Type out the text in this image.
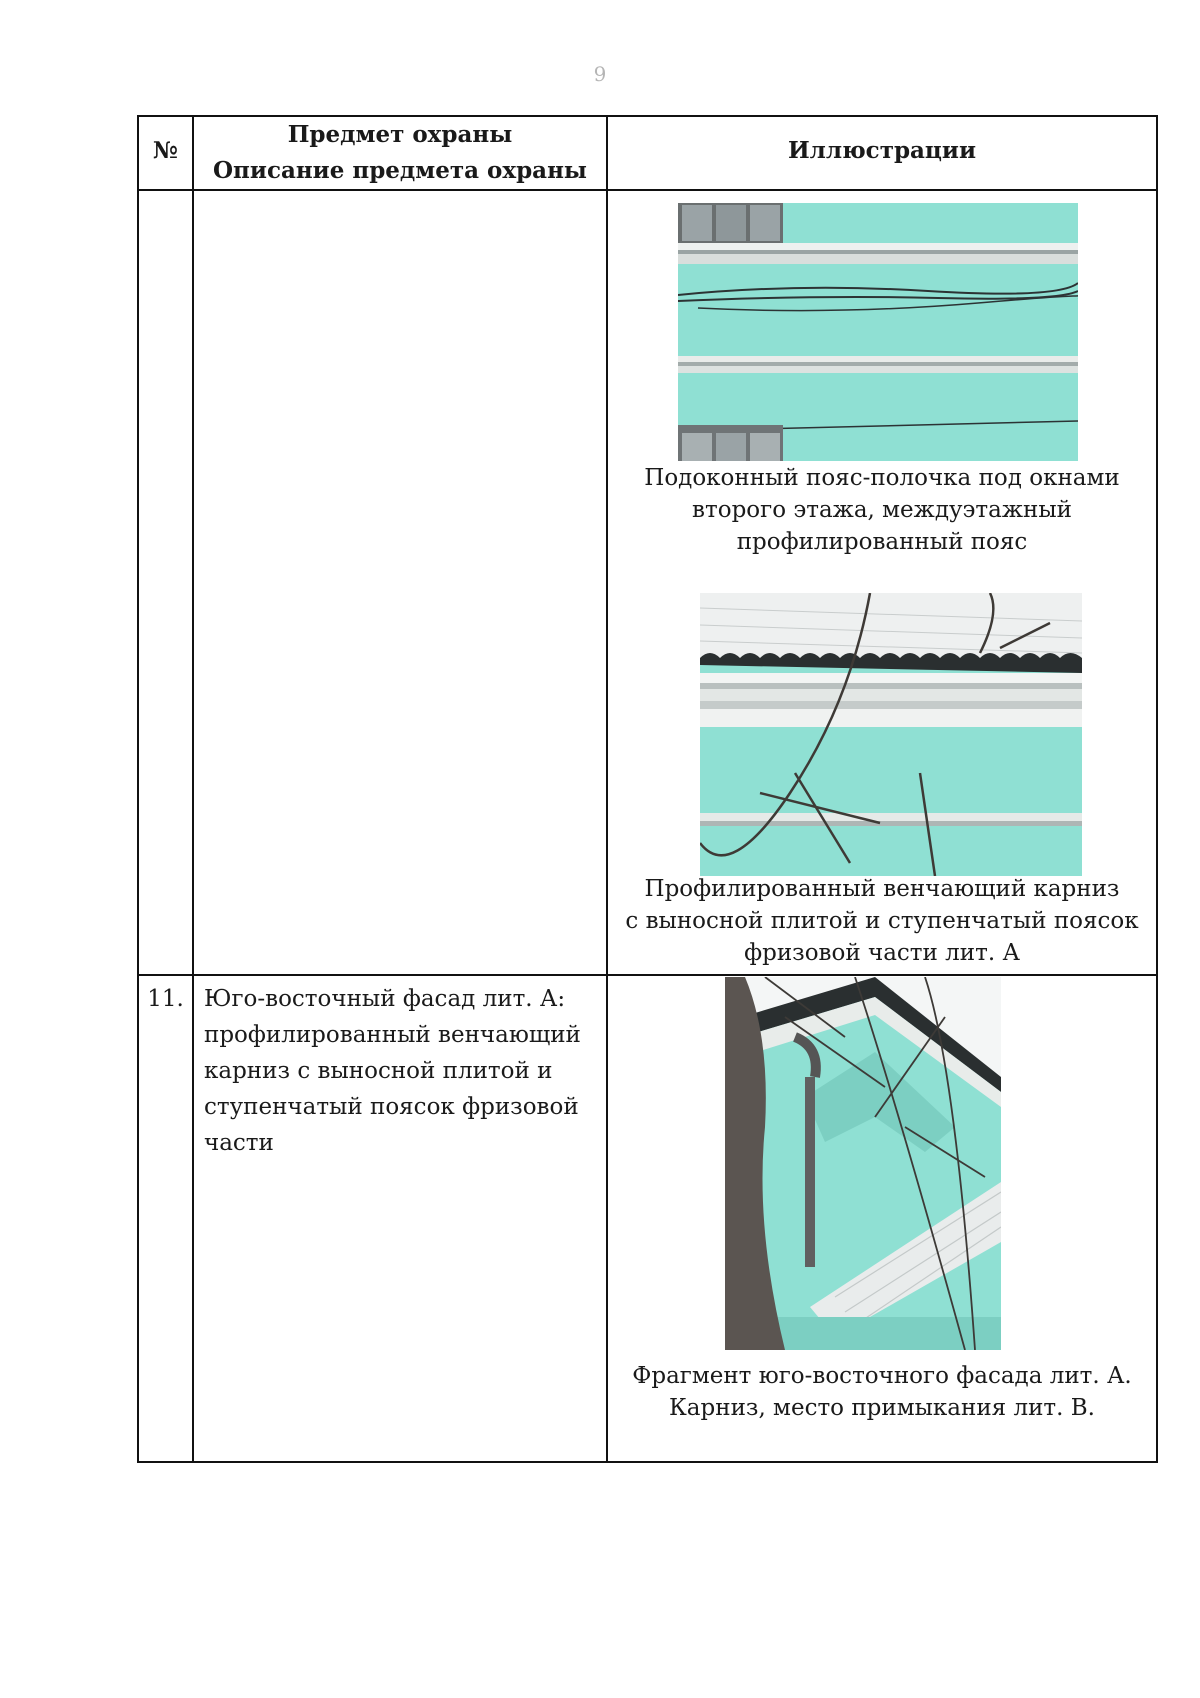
9
№
Предмет охраны
Описание предмета охраны
Иллюстрации
Подоконный пояс-полочка под окнами
второго этажа, междуэтажный
профилированный пояс
Профилированный венчающий карниз
с выносной плитой и ступенчатый поясок
фризовой части лит. А
11. Юго-восточный фасад лит. А:
профилированный венчающий
карниз с выносной плитой и
ступенчатый поясок фризовой
части
Фрагмент юго-восточного фасада лит. А.
Карниз, место примыкания лит. В.
